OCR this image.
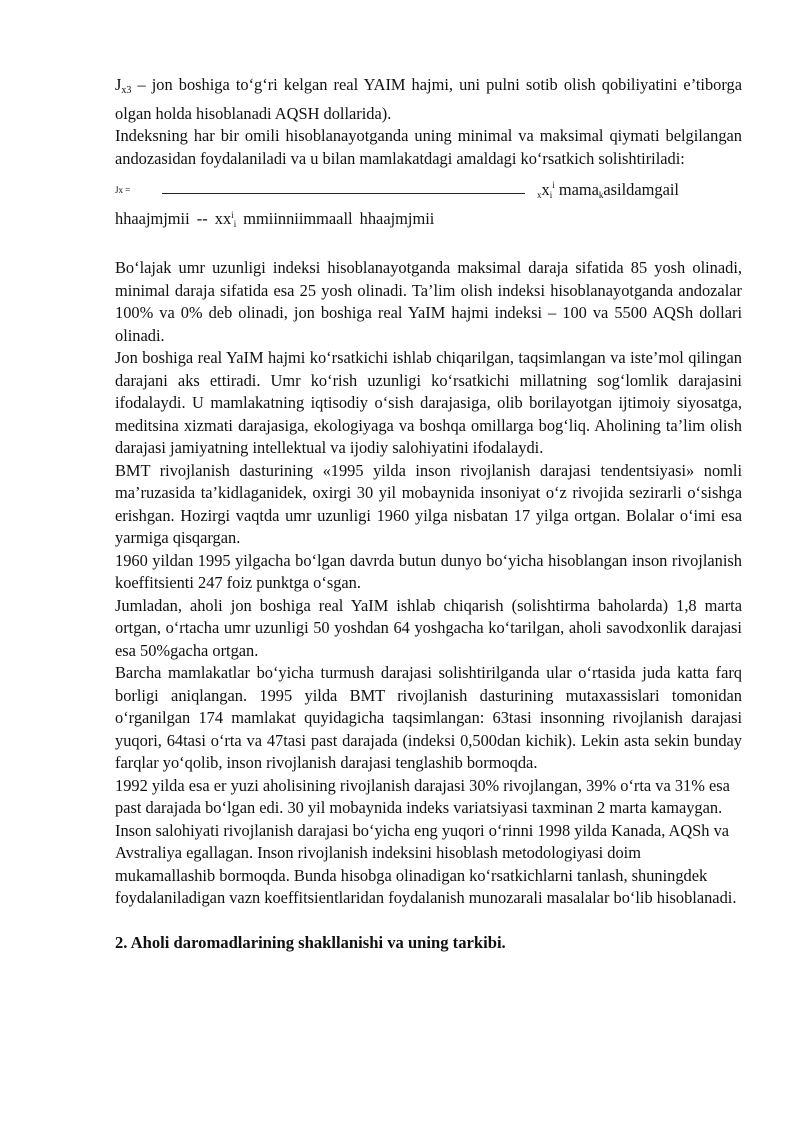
$J_{x3}$ – jon boshiga to‘g‘ri kelgan real YAIM hajmi, uni pulni sotib olish qobiliyatini e’tiborga olgan holda hisoblanadi AQSH dollarida).

Indeksning har bir omili hisoblanayotganda uning minimal va maksimal qiymati belgilangan andozasidan foydalaniladi va u bilan mamlakatdagi amaldagi ko‘rsatkich solishtiriladi:

Jx =	xxi$^i$ mamakasildamgail

hhaajmjmii -- $xx^ii$ mmiinniimmaall hhaajmjmii

Bo‘lajak umr uzunligi indeksi hisoblanayotganda maksimal daraja sifatida 85 yosh olinadi, minimal daraja sifatida esa 25 yosh olinadi. Ta’lim olish indeksi hisoblanayotganda andozalar 100% va 0% deb olinadi, jon boshiga real YaIM hajmi indeksi – 100 va 5500 AQSh dollari olinadi.

Jon boshiga real YaIM hajmi ko‘rsatkichi ishlab chiqarilgan, taqsimlangan va iste’mol qilingan darajani aks ettiradi. Umr ko‘rish uzunligi ko‘rsatkichi millatning sog‘lomlik darajasini ifodalaydi. U mamlakatning iqtisodiy o‘sish darajasiga, olib borilayotgan ijtimoiy siyosatga, meditsina xizmati darajasiga, ekologiyaga va boshqa omillarga bog‘liq. Aholining ta’lim olish darajasi jamiyatning intellektual va ijodiy salohiyatini ifodalaydi.

BMT rivojlanish dasturining «1995 yilda inson rivojlanish darajasi tendentsiyasi» nomli ma’ruzasida ta’kidlaganidek, oxirgi 30 yil mobaynida insoniyat o‘z rivojida sezirarli o‘sishga erishgan. Hozirgi vaqtda umr uzunligi 1960 yilga nisbatan 17 yilga ortgan. Bolalar o‘imi esa yarmiga qisqargan.

1960 yildan 1995 yilgacha bo‘lgan davrda butun dunyo bo‘yicha hisoblangan inson rivojlanish koeffitsienti 247 foiz punktga o‘sgan.

Jumladan, aholi jon boshiga real YaIM ishlab chiqarish (solishtirma baholarda) 1,8 marta ortgan, o‘rtacha umr uzunligi 50 yoshdan 64 yoshgacha ko‘tarilgan, aholi savodxonlik darajasi esa 50%gacha ortgan.

Barcha mamlakatlar bo‘yicha turmush darajasi solishtirilganda ular o‘rtasida juda katta farq borligi aniqlangan. 1995 yilda BMT rivojlanish dasturining mutaxassislari tomonidan o‘rganilgan 174 mamlakat quyidagicha taqsimlangan: 63tasi insonning rivojlanish darajasi yuqori, 64tasi o‘rta va 47tasi past darajada (indeksi 0,500dan kichik). Lekin asta sekin bunday farqlar yo‘qolib, inson rivojlanish darajasi tenglashib bormoqda.

1992 yilda esa er yuzi aholisining rivojlanish darajasi 30% rivojlangan, 39% o‘rta va 31% esa past darajada bo‘lgan edi. 30 yil mobaynida indeks variatsiyasi taxminan 2 marta kamaygan. Inson salohiyati rivojlanish darajasi bo‘yicha eng yuqori o‘rinni 1998 yilda Kanada, AQSh va Avstraliya egallagan. Inson rivojlanish indeksini hisoblash metodologiyasi doim mukamallashib bormoqda. Bunda hisobga olinadigan ko‘rsatkichlarni tanlash, shuningdek foydalaniladigan vazn koeffitsientlaridan foydalanish munozarali masalalar bo‘lib hisoblanadi.

2. Aholi daromadlarining shakllanishi va uning tarkibi.
